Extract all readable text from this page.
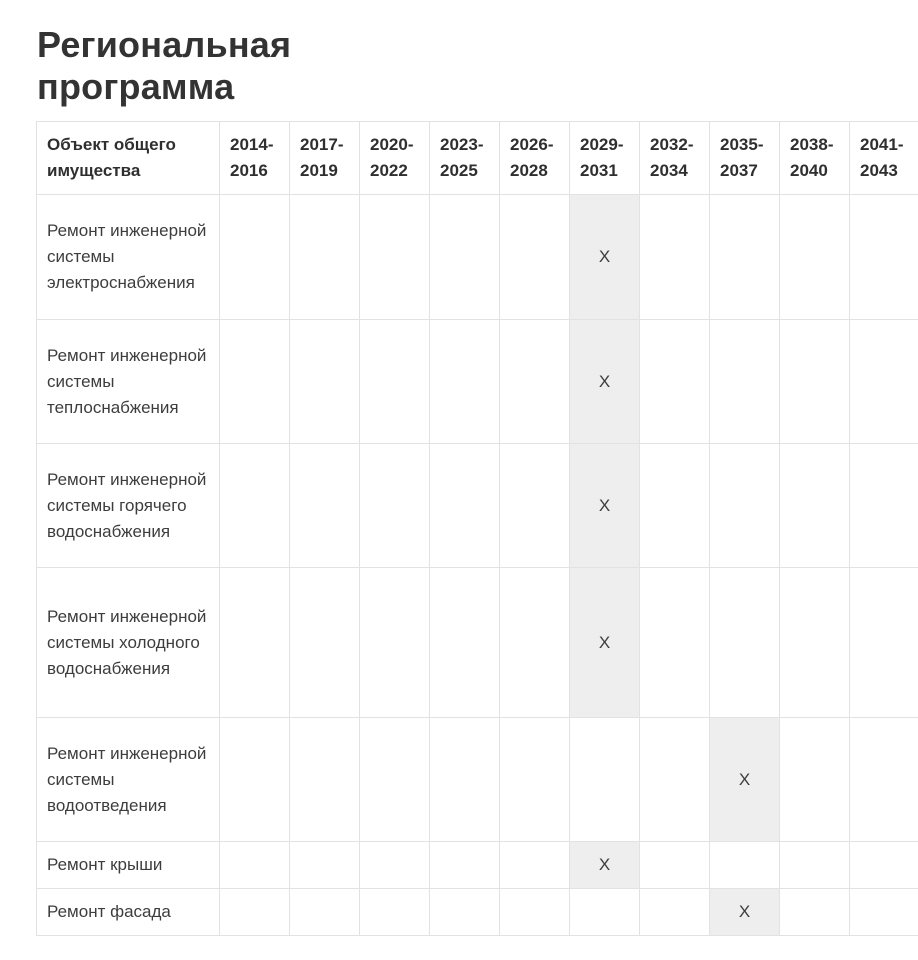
Региональная программа
Объект общего имущества	2014-2016	2017-2019	2020-2022	2023-2025	2026-2028	2029-2031	2032-2034	2035-2037	2038-2040	2041-2043
Ремонт инженерной системы электроснабжения						X				
Ремонт инженерной системы теплоснабжения						X				
Ремонт инженерной системы горячего водоснабжения						X				
Ремонт инженерной системы холодного водоснабжения						X				
Ремонт инженерной системы водоотведения								X		
Ремонт крыши						X				
Ремонт фасада								X		
